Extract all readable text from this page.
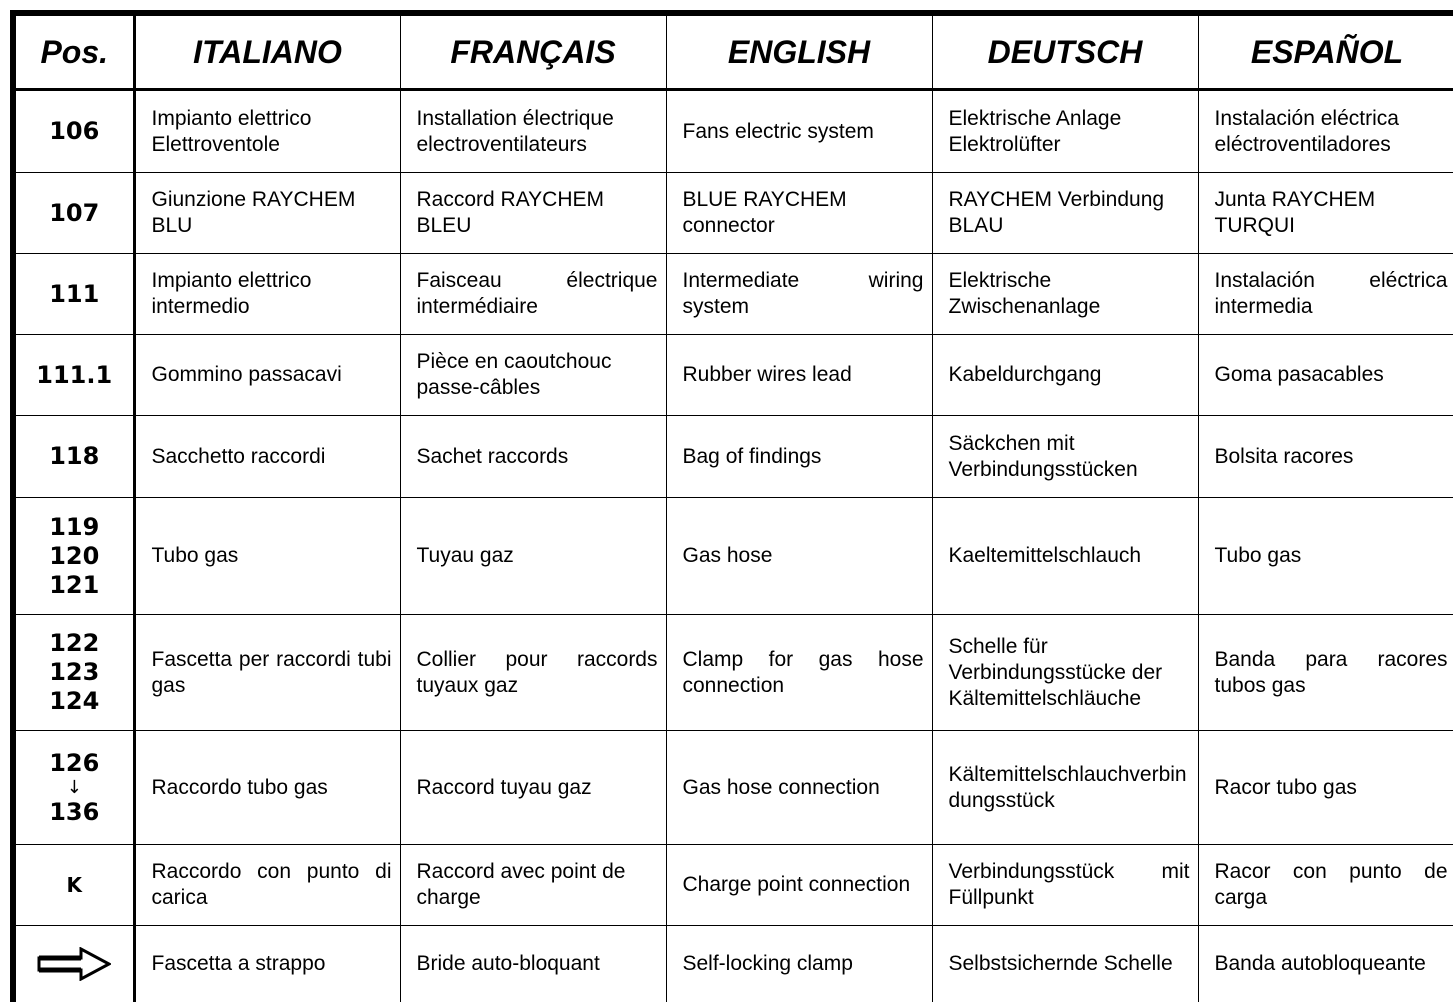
Pos.	ITALIANO	FRANÇAIS	ENGLISH	DEUTSCH	ESPAÑOL

106	Impianto elettrico Elettroventole	Installation électrique electroventilateurs	Fans electric system	Elektrische Anlage Elektrolüfter	Instalación eléctrica eléctroventiladores

107	Giunzione RAYCHEM BLU	Raccord RAYCHEM BLEU	BLUE RAYCHEM connector	RAYCHEM Verbindung BLAU	Junta RAYCHEM TURQUI

111	Impianto elettrico intermedio	Faisceau électrique intermédiaire	Intermediate wiring system	Elektrische Zwischenanlage	Instalación eléctrica intermedia

111.1	Gommino passacavi	Pièce en caoutchouc passe-câbles	Rubber wires lead	Kabeldurchgang	Goma pasacables

118	Sacchetto raccordi	Sachet raccords	Bag of findings	Säckchen mit Verbindungsstücken	Bolsita racores

119
120
121	Tubo gas	Tuyau gaz	Gas hose	Kaeltemittelschlauch	Tubo gas

122
123
124	Fascetta per raccordi tubi gas	Collier pour raccords tuyaux gaz	Clamp for gas hose connection	Schelle für Verbindungsstücke der Kältemittelschläuche	Banda para racores tubos gas

126
↓
136	Raccordo tubo gas	Raccord tuyau gaz	Gas hose connection	Kältemittelschlauchverbindungsstück	Racor tubo gas

K	Raccordo con punto di carica	Raccord avec point de charge	Charge point connection	Verbindungsstück mit Füllpunkt	Racor con punto de carga
	Fascetta a strappo	Bride auto-bloquant	Self-locking clamp	Selbstsichernde Schelle	Banda autobloqueante
